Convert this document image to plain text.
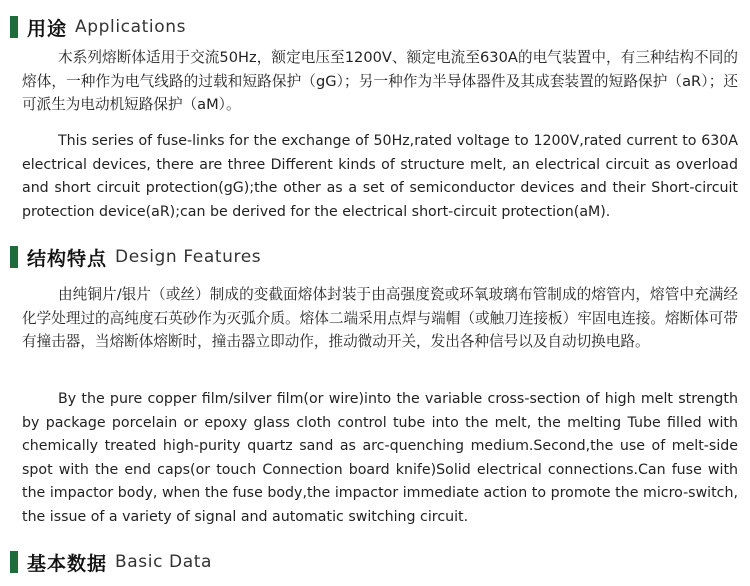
用途 Applications

木系列熔断体适用于交流50Hz，额定电压至1200V、额定电流至630A的电气装置中，有三种结构不同的熔体，一种作为电气线路的过载和短路保护（gG）；另一种作为半导体器件及其成套装置的短路保护（aR）；还可派生为电动机短路保护（aM）。

This series of fuse-links for the exchange of 50Hz,rated voltage to 1200V,rated current to 630A electrical devices, there are three Different kinds of structure melt, an electrical circuit as overload and short circuit protection(gG);the other as a set of semiconductor devices and their Short-circuit protection device(aR);can be derived for the electrical short-circuit protection(aM).

结构特点 Design Features

由纯铜片/银片（或丝）制成的变截面熔体封装于由高强度瓷或环氧玻璃布管制成的熔管内，熔管中充满经化学处理过的高纯度石英砂作为灭弧介质。熔体二端采用点焊与端帽（或触刀连接板）牢固电连接。熔断体可带有撞击器，当熔断体熔断时，撞击器立即动作，推动微动开关，发出各种信号以及自动切换电路。

By the pure copper film/silver film(or wire)into the variable cross-section of high melt strength by package porcelain or epoxy glass cloth control tube into the melt, the melting Tube filled with chemically treated high-purity quartz sand as arc-quenching medium.Second,the use of melt-side spot with the end caps(or touch Connection board knife)Solid electrical connections.Can fuse with the impactor body, when the fuse body,the impactor immediate action to promote the micro-switch, the issue of a variety of signal and automatic switching circuit.

基本数据 Basic Data
